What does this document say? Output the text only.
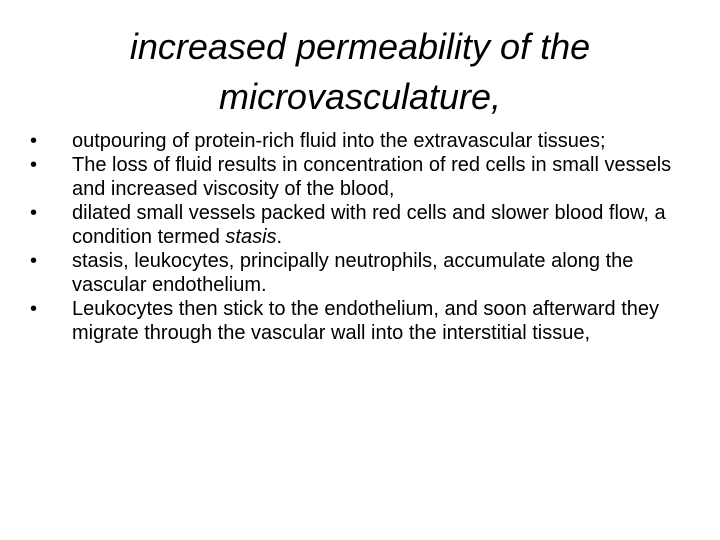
increased permeability of the
microvasculature,
•	outpouring of protein-rich fluid into the extravascular tissues;
•	The loss of fluid results in concentration of red cells in small vessels and increased viscosity of the blood,
•	dilated small vessels packed with red cells and slower blood flow, a condition termed stasis.
•	stasis, leukocytes, principally neutrophils, accumulate along the vascular endothelium.
•	Leukocytes then stick to the endothelium, and soon afterward they migrate through the vascular wall into the interstitial tissue,
